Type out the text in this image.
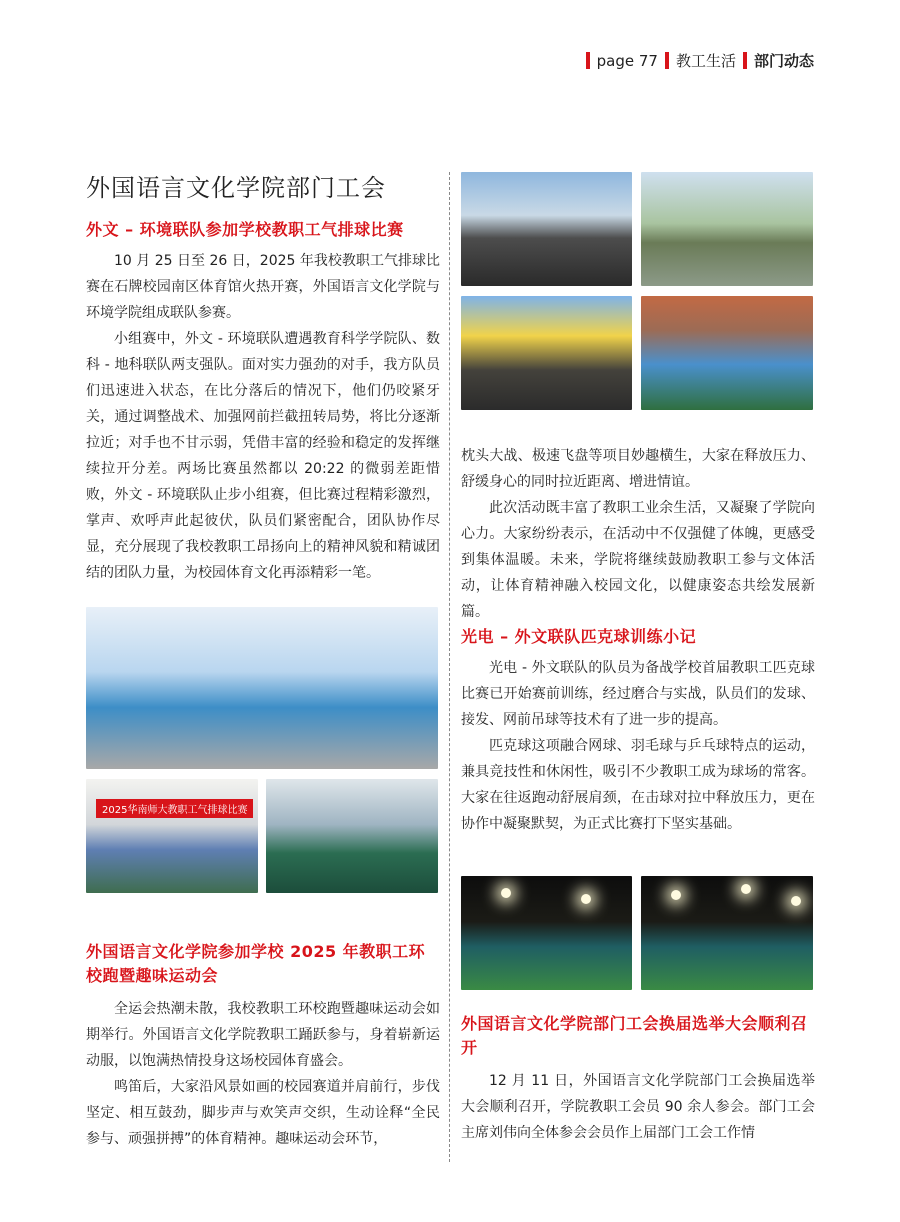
page 77 教工生活 部门动态
外国语言文化学院部门工会
外文 – 环境联队参加学校教职工气排球比赛

10 月 25 日至 26 日，2025 年我校教职工气排球比赛在石牌校园南区体育馆火热开赛，外国语言文化学院与环境学院组成联队参赛。

小组赛中，外文 - 环境联队遭遇教育科学学院队、数科 - 地科联队两支强队。面对实力强劲的对手，我方队员们迅速进入状态，在比分落后的情况下，他们仍咬紧牙关，通过调整战术、加强网前拦截扭转局势，将比分逐渐拉近；对手也不甘示弱，凭借丰富的经验和稳定的发挥继续拉开分差。两场比赛虽然都以 20:22 的微弱差距惜败，外文 - 环境联队止步小组赛，但比赛过程精彩激烈，掌声、欢呼声此起彼伏，队员们紧密配合，团队协作尽显，充分展现了我校教职工昂扬向上的精神风貌和精诚团结的团队力量，为校园体育文化再添精彩一笔。

2025华南师大教职工气排球比赛
外国语言文化学院参加学校 2025 年教职工环校跑暨趣味运动会

全运会热潮未散，我校教职工环校跑暨趣味运动会如期举行。外国语言文化学院教职工踊跃参与，身着崭新运动服，以饱满热情投身这场校园体育盛会。

鸣笛后，大家沿风景如画的校园赛道并肩前行，步伐坚定、相互鼓劲，脚步声与欢笑声交织，生动诠释“全民参与、顽强拼搏”的体育精神。趣味运动会环节，

枕头大战、极速飞盘等项目妙趣横生，大家在释放压力、舒缓身心的同时拉近距离、增进情谊。

此次活动既丰富了教职工业余生活，又凝聚了学院向心力。大家纷纷表示，在活动中不仅强健了体魄，更感受到集体温暖。未来，学院将继续鼓励教职工参与文体活动，让体育精神融入校园文化，以健康姿态共绘发展新篇。

光电 – 外文联队匹克球训练小记

光电 - 外文联队的队员为备战学校首届教职工匹克球比赛已开始赛前训练，经过磨合与实战，队员们的发球、接发、网前吊球等技术有了进一步的提高。

匹克球这项融合网球、羽毛球与乒乓球特点的运动，兼具竞技性和休闲性，吸引不少教职工成为球场的常客。大家在往返跑动舒展肩颈，在击球对拉中释放压力，更在协作中凝聚默契，为正式比赛打下坚实基础。

外国语言文化学院部门工会换届选举大会顺利召开

12 月 11 日，外国语言文化学院部门工会换届选举大会顺利召开，学院教职工会员 90 余人参会。部门工会主席刘伟向全体参会会员作上届部门工会工作情
